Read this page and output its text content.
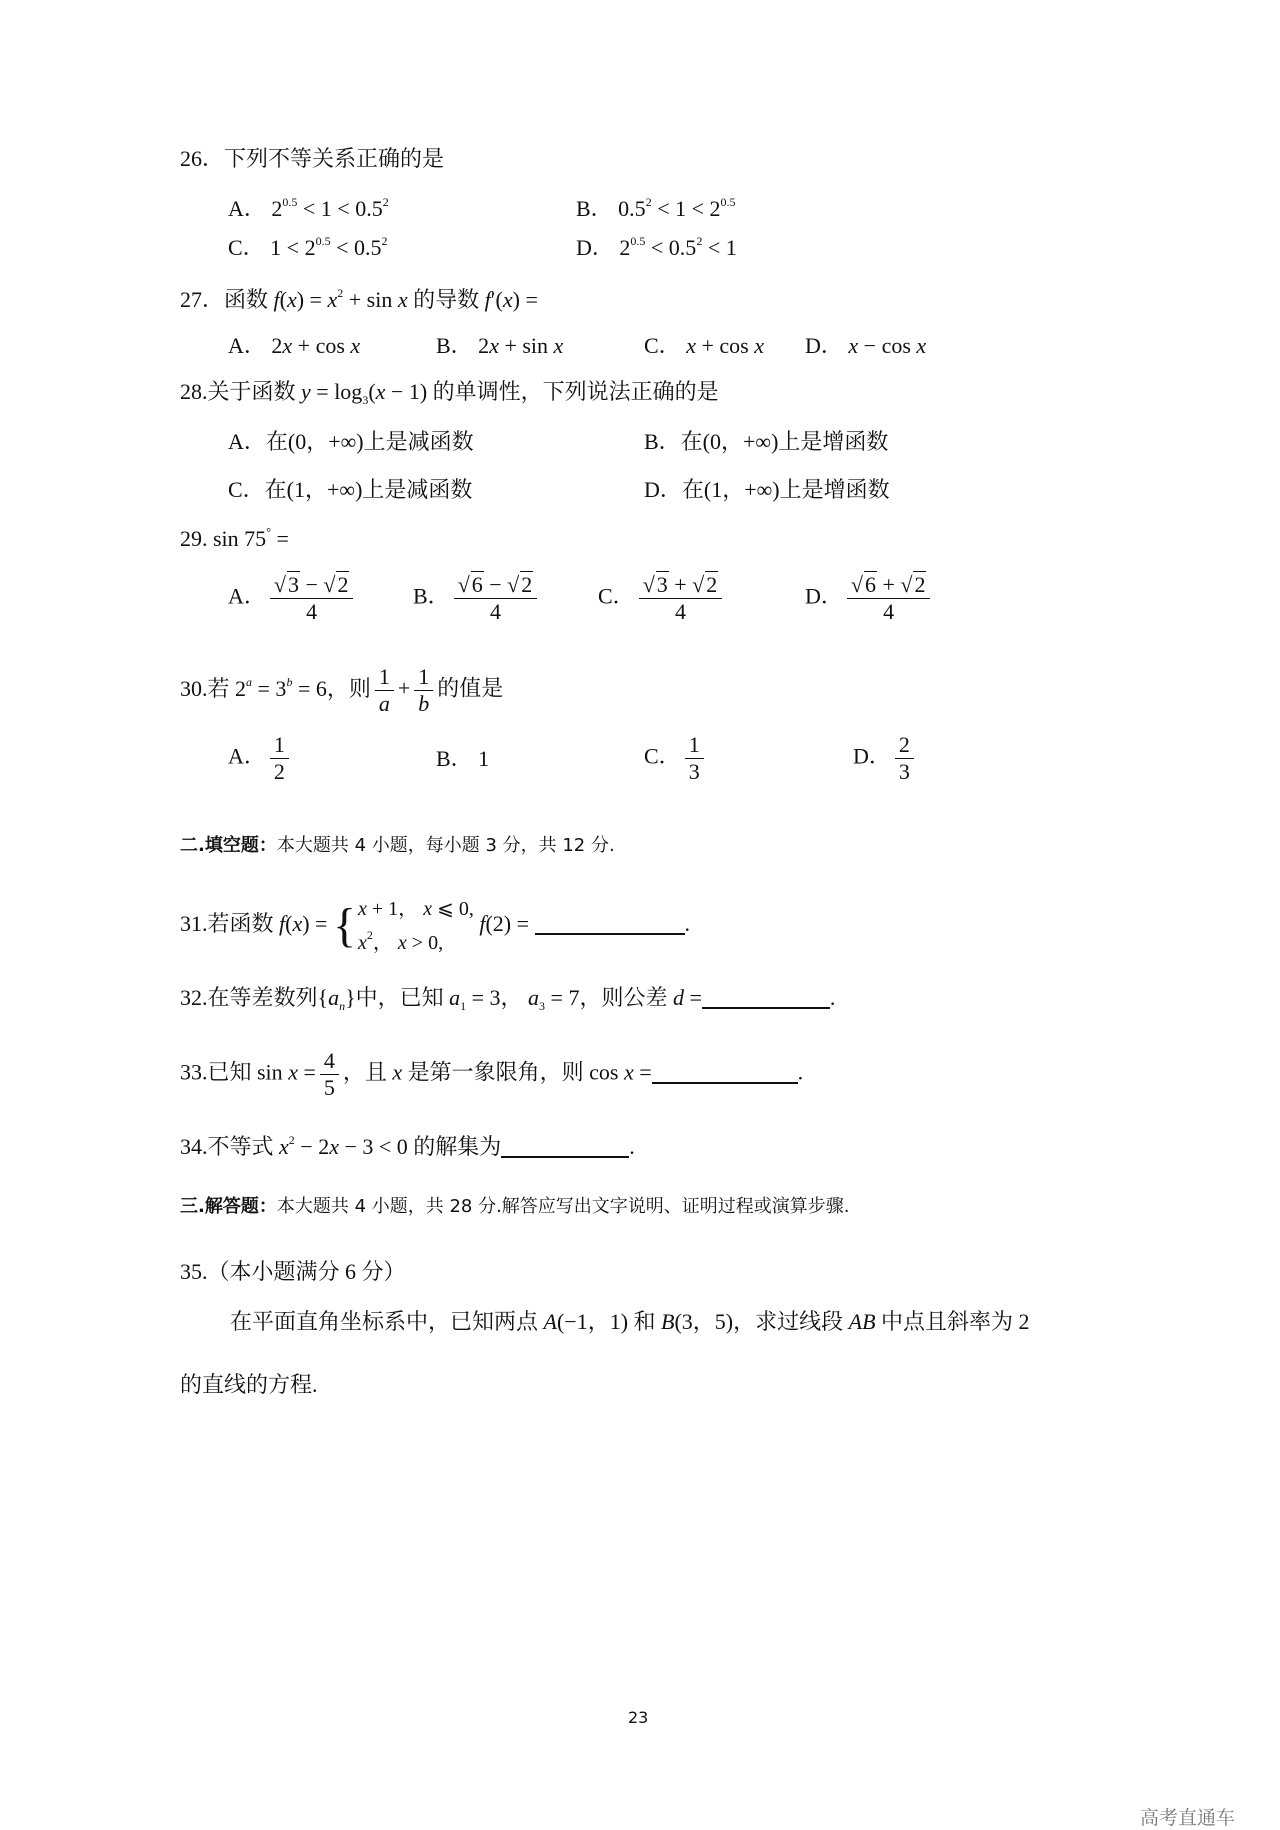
26．下列不等关系正确的是
A． $2^{0.5} < 1 < 0.5^2$	B． $0.5^2 < 1 < 2^{0.5}$
C． $1 < 2^{0.5} < 0.5^2$	D． $2^{0.5} < 0.5^2 < 1$
27．函数 $f(x) = x^2 + \sin x$ 的导数 f′(x) =
A． 2x + cos x	B． 2x + sin x	C． x + cos x D． x − cos x
28.关于函数 $y = \log_3(x - 1)$ 的单调性，下列说法正确的是
A．在(0，+∞)上是减函数	B．在(0，+∞)上是增函数
C．在(1，+∞)上是减函数	D．在(1，+∞)上是增函数
29. sin 75° =
A． $\frac{√3 - √2}{4}$	B． $\frac{√6 - √2}{4}$	C． $\frac{√3 + √2}{4}$	D． $\frac{√6 + √2}{4}$
30.若 $2^a = 3^b = 6$，则 $\frac{1}{a} + \frac{1}{b}$ 的值是
A． $\frac{1}{2}$	B． 1	C． $\frac{1}{3}$	D． $\frac{2}{3}$
二.填空题：本大题共 4 小题，每小题 3 分，共 12 分.
31.若函数 f(x) = { x + 1， x ⩽ 0,
$x^2$， x > 0,
f(2) =	.
32.在等差数列$\{a_n\}$中，已知 $a_1 = 3$， $a_3 = 7$，则公差 d =	.
33.已知 $\sin x = \frac{4}{5}$ ，且 x 是第一象限角，则 cos x =	.
34.不等式 $x^2 - 2x - 3 < 0$ 的解集为	.
三.解答题：本大题共 4 小题，共 28 分.解答应写出文字说明、证明过程或演算步骤.
35.（本小题满分 6 分）
在平面直角坐标系中，已知两点 A(−1，1) 和 B(3，5)，求过线段 AB 中点且斜率为 2
的直线的方程.
23
高考直通车
